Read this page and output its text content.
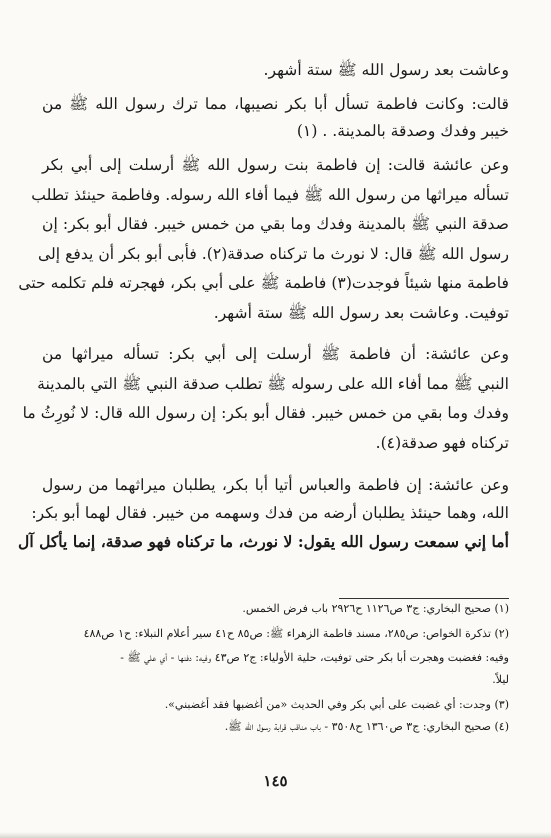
وعاشت بعد رسول الله ﷺ ستة أشهر.
قالت: وكانت فاطمة تسأل أبا بكر نصيبها، مما ترك رسول الله ﷺ من
خيبر وفدك وصدقة بالمدينة. . (١)
وعن عائشة قالت: إن فاطمة بنت رسول الله ﷺ أرسلت إلى أبي بكر
تسأله ميراثها من رسول الله ﷺ فيما أفاء الله رسوله. وفاطمة حينئذ تطلب
صدقة النبي ﷺ بالمدينة وفدك وما بقي من خمس خيبر. فقال أبو بكر: إن
رسول الله ﷺ قال: لا نورث ما تركناه صدقة(٢). فأبى أبو بكر أن يدفع إلى
فاطمة منها شيئاً فوجدت(٣) فاطمة ﷺ على أبي بكر، فهجرته فلم تكلمه حتى
توفيت. وعاشت بعد رسول الله ﷺ ستة أشهر.
وعن عائشة: أن فاطمة ﷺ أرسلت إلى أبي بكر: تسأله ميراثها من
النبي ﷺ مما أفاء الله على رسوله ﷺ تطلب صدقة النبي ﷺ التي بالمدينة
وفدك وما بقي من خمس خيبر. فقال أبو بكر: إن رسول الله قال: لا نُورِثُ ما
تركناه فهو صدقة(٤).
وعن عائشة: إن فاطمة والعباس أتيا أبا بكر، يطلبان ميراثهما من رسول
الله، وهما حينئذ يطلبان أرضه من فدك وسهمه من خيبر. فقال لهما أبو بكر:
أما إني سمعت رسول الله يقول: لا نورث، ما تركناه فهو صدقة، إنما يأكل آل
(١) صحيح البخاري: ج٣ ص١١٢٦ ح٢٩٢٦ باب فرض الخمس.
(٢) تذكرة الخواص: ص٢٨٥، مسند فاطمة الزهراء ﷺ: ص٨٥ ح٤١ سير أعلام النبلاء: ح١ ص٤٨٨
وفيه: فغضبت وهجرت أبا بكر حتى توفيت، حلية الأولياء: ج٢ ص٤٣ وفيه: دفنها - أي علي ﷺ -
ليلاً.
(٣) وجدت: أي غضبت على أبي بكر وفي الحديث «من أغضبها فقد أغضبني».
(٤) صحيح البخاري: ج٣ ص١٣٦٠ ح٣٥٠٨ - باب مناقب قرابة رسول الله ﷺ.
١٤٥
